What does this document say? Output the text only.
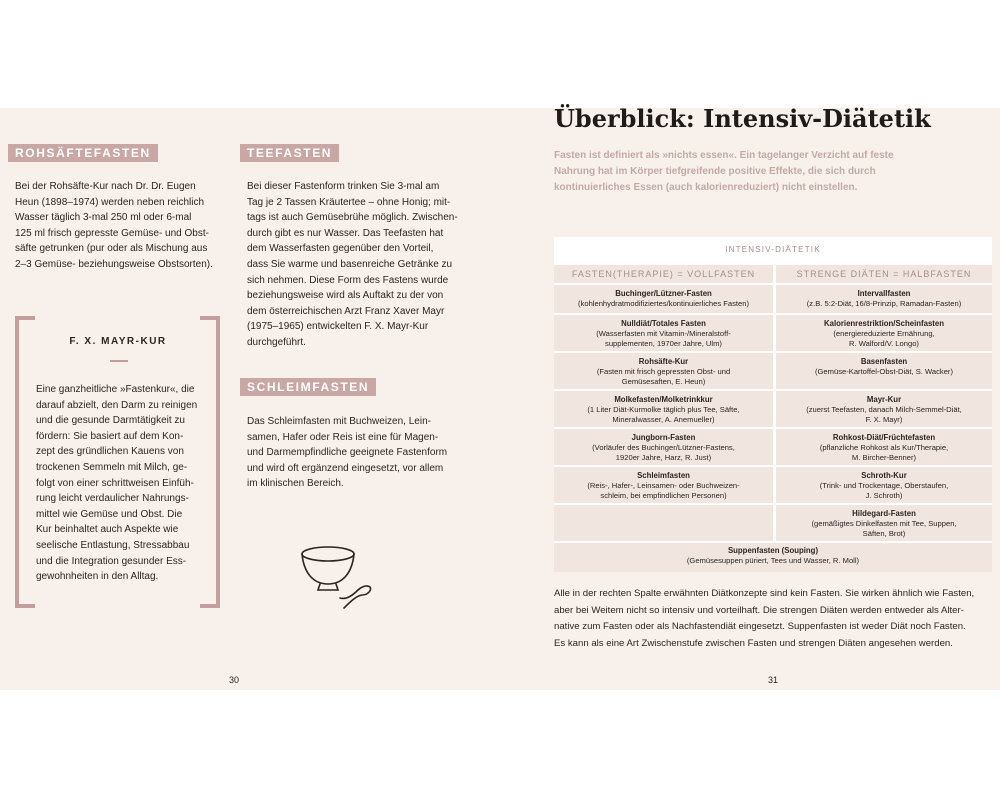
ROHSÄFTEFASTEN
Bei der Rohsäfte-Kur nach Dr. Dr. Eugen
Heun (1898–1974) werden neben reichlich
Wasser täglich 3-mal 250 ml oder 6-mal
125 ml frisch gepresste Gemüse- und Obst-
säfte getrunken (pur oder als Mischung aus
2–3 Gemüse- beziehungsweise Obstsorten).
F. X. MAYR-KUR
Eine ganzheitliche »Fastenkur«, die
darauf abzielt, den Darm zu reinigen
und die gesunde Darmtätigkeit zu
fördern: Sie basiert auf dem Kon-
zept des gründlichen Kauens von
trockenen Semmeln mit Milch, ge-
folgt von einer schrittweisen Einfüh-
rung leicht verdaulicher Nahrungs-
mittel wie Gemüse und Obst. Die
Kur beinhaltet auch Aspekte wie
seelische Entlastung, Stressabbau
und die Integration gesunder Ess-
gewohnheiten in den Alltag.
TEEFASTEN
Bei dieser Fastenform trinken Sie 3-mal am
Tag je 2 Tassen Kräutertee – ohne Honig; mit-
tags ist auch Gemüsebrühe möglich. Zwischen-
durch gibt es nur Wasser. Das Teefasten hat
dem Wasserfasten gegenüber den Vorteil,
dass Sie warme und basenreiche Getränke zu
sich nehmen. Diese Form des Fastens wurde
beziehungsweise wird als Auftakt zu der von
dem österreichischen Arzt Franz Xaver Mayr
(1975–1965) entwickelten F. X. Mayr-Kur
durchgeführt.
SCHLEIMFASTEN
Das Schleimfasten mit Buchweizen, Lein-
samen, Hafer oder Reis ist eine für Magen-
und Darmempfindliche geeignete Fastenform
und wird oft ergänzend eingesetzt, vor allem
im klinischen Bereich.
30
Überblick: Intensiv-Diätetik
Fasten ist definiert als »nichts essen«. Ein tagelanger Verzicht auf feste
Nahrung hat im Körper tiefgreifende positive Effekte, die sich durch
kontinuierliches Essen (auch kalorienreduziert) nicht einstellen.
INTENSIV-DIÄTETIK
FASTEN(THERAPIE) = VOLLFASTEN	STRENGE DIÄTEN = HALBFASTEN
Buchinger/Lützner-Fasten
(kohlenhydratmodifiziertes/kontinuierliches Fasten)
Nulldiät/Totales Fasten
(Wasserfasten mit Vitamin-/Mineralstoff-
supplementen, 1970er Jahre, Ulm)
Rohsäfte-Kur
(Fasten mit frisch gepressten Obst- und
Gemüsesaften, E. Heun)
Molkefasten/Molketrinkkur
(1 Liter Diät-Kurmolke täglich plus Tee, Säfte,
Mineralwasser, A. Anemueller)
Jungborn-Fasten
(Vorläufer des Buchinger/Lützner-Fastens,
1920er Jahre, Harz, R. Just)
Schleimfasten
(Reis-, Hafer-, Leinsamen- oder Buchweizen-
schleim, bei empfindlichen Personen)
Intervallfasten
(z.B. 5:2-Diät, 16/8-Prinzip, Ramadan-Fasten)
Kalorienrestriktion/Scheinfasten
(energiereduzierte Ernährung,
R. Walford/V. Longo)
Basenfasten
(Gemüse-Kartoffel-Obst-Diät, S. Wacker)
Mayr-Kur
(zuerst Teefasten, danach Milch-Semmel-Diät,
F. X. Mayr)
Rohkost-Diät/Früchtefasten
(pflanzliche Rohkost als Kur/Therapie,
M. Bircher-Benner)
Schroth-Kur
(Trink- und Trockentage, Oberstaufen,
J. Schroth)
Hildegard-Fasten
(gemäßigtes Dinkelfasten mit Tee, Suppen,
Säften, Brot)
Suppenfasten (Souping)
(Gemüsesuppen püriert, Tees und Wasser, R. Moll)
Alle in der rechten Spalte erwähnten Diätkonzepte sind kein Fasten. Sie wirken ähnlich wie Fasten,
aber bei Weitem nicht so intensiv und vorteilhaft. Die strengen Diäten werden entweder als Alter-
native zum Fasten oder als Nachfastendiät eingesetzt. Suppenfasten ist weder Diät noch Fasten.
Es kann als eine Art Zwischenstufe zwischen Fasten und strengen Diäten angesehen werden.
31
